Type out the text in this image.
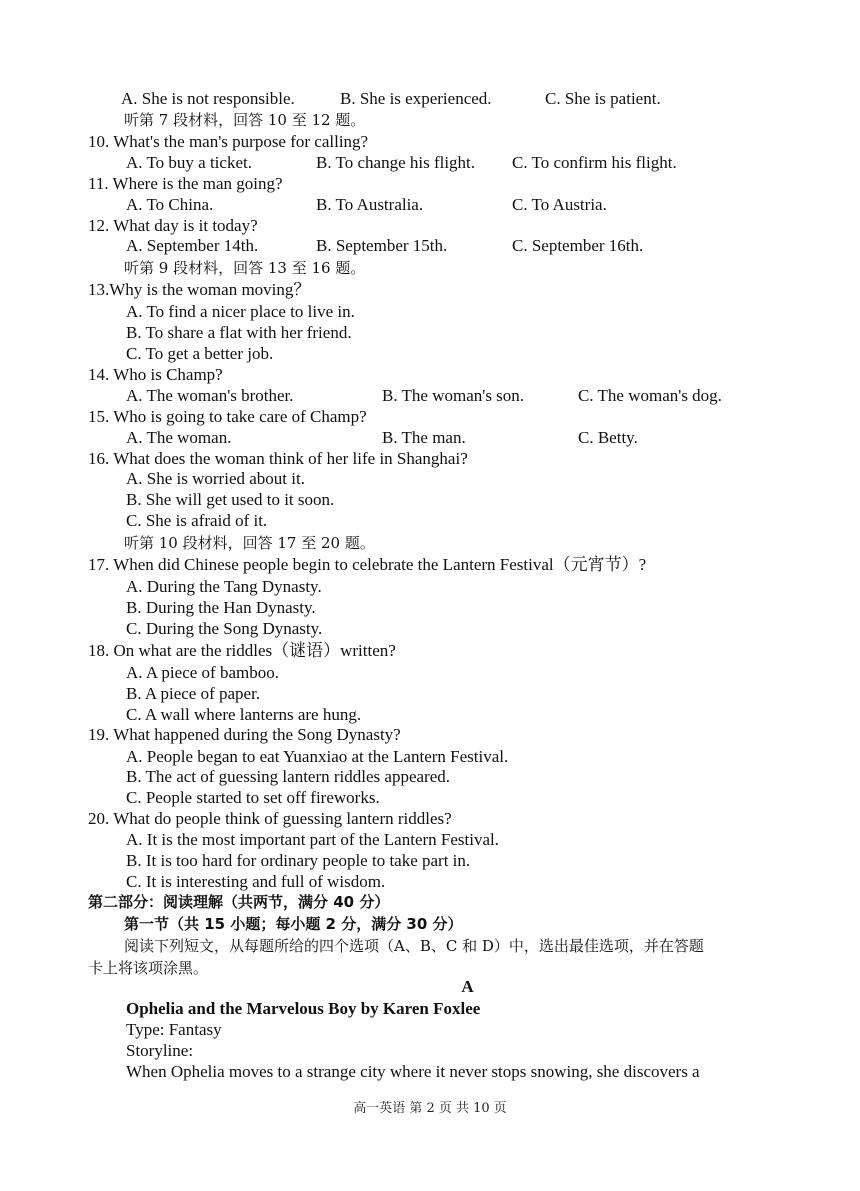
A. She is not responsible.	B. She is experienced.	C. She is patient.
听第 7 段材料，回答 10 至 12 题。
10. What's the man's purpose for calling?
A. To buy a ticket.	B. To change his flight. C. To confirm his flight.
11. Where is the man going?
A. To China.	B. To Australia.	C. To Austria.
12. What day is it today?
A. September 14th.	B. September 15th.	C. September 16th.
听第 9 段材料，回答 13 至 16 题。
13.Why is the woman moving？
A. To find a nicer place to live in.
B. To share a flat with her friend.
C. To get a better job.
14. Who is Champ?
A. The woman's brother.	B. The woman's son.	C. The woman's dog.
15. Who is going to take care of Champ?
A. The woman.	B. The man.	C. Betty.
16. What does the woman think of her life in Shanghai?
A. She is worried about it.
B. She will get used to it soon.
C. She is afraid of it.
听第 10 段材料，回答 17 至 20 题。
17. When did Chinese people begin to celebrate the Lantern Festival（元宵节）?
A. During the Tang Dynasty.
B. During the Han Dynasty.
C. During the Song Dynasty.
18. On what are the riddles（谜语）written?
A. A piece of bamboo.
B. A piece of paper.
C. A wall where lanterns are hung.
19. What happened during the Song Dynasty?
A. People began to eat Yuanxiao at the Lantern Festival.
B. The act of guessing lantern riddles appeared.
C. People started to set off fireworks.
20. What do people think of guessing lantern riddles?
A. It is the most important part of the Lantern Festival.
B. It is too hard for ordinary people to take part in.
C. It is interesting and full of wisdom.
第二部分：阅读理解（共两节，满分 40 分）
第一节（共 15 小题；每小题 2 分，满分 30 分）
阅读下列短文，从每题所给的四个选项（A、B、C 和 D）中，选出最佳选项，并在答题
卡上将该项涂黑。
A
Ophelia and the Marvelous Boy by Karen Foxlee
Type: Fantasy
Storyline:
When Ophelia moves to a strange city where it never stops snowing, she discovers a
高一英语 第 2 页 共 10 页
